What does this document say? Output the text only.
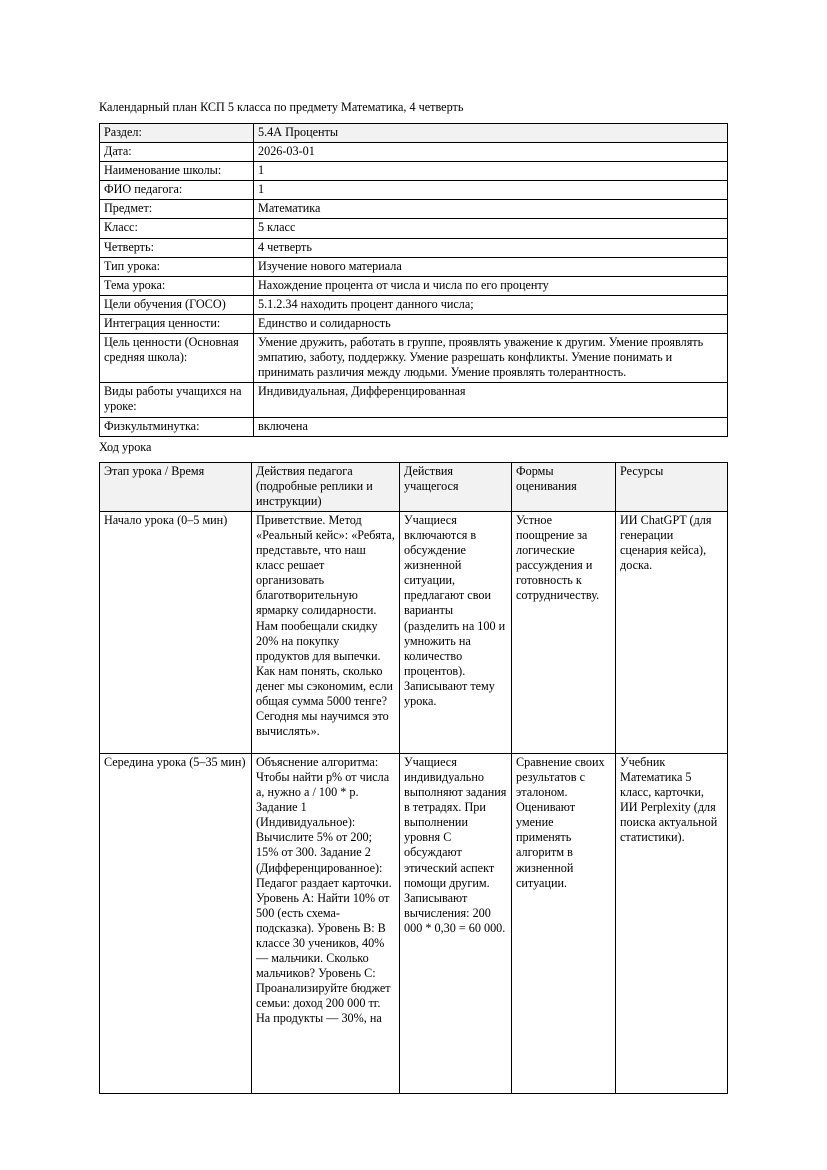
Календарный план КСП 5 класса по предмету Математика, 4 четверть

Раздел:	5.4А Проценты
Дата:	2026-03-01
Наименование школы:	1
ФИО педагога:	1
Предмет:	Математика
Класс:	5 класс
Четверть:	4 четверть
Тип урока:	Изучение нового материала
Тема урока:	Нахождение процента от числа и числа по его проценту
Цели обучения (ГОСО)	5.1.2.34 находить процент данного числа;
Интеграция ценности:	Единство и солидарность
Цель ценности (Основная средняя школа):	Умение дружить, работать в группе, проявлять уважение к другим. Умение проявлять эмпатию, заботу, поддержку. Умение разрешать конфликты. Умение понимать и принимать различия между людьми. Умение проявлять толерантность.
Виды работы учащихся на уроке:	Индивидуальная, Дифференцированная
Физкультминутка:	включена

Ход урока

Этап урока / Время	Действия педагога (подробные реплики и инструкции)	Действия учащегося	Формы оценивания	Ресурсы

Начало урока (0–5 мин)	Приветствие. Метод «Реальный кейс»: «Ребята, представьте, что наш класс решает организовать благотворительную ярмарку солидарности. Нам пообещали скидку 20% на покупку продуктов для выпечки. Как нам понять, сколько денег мы сэкономим, если общая сумма 5000 тенге? Сегодня мы научимся это вычислять».	Учащиеся включаются в обсуждение жизненной ситуации, предлагают свои варианты (разделить на 100 и умножить на количество процентов). Записывают тему урока.	Устное поощрение за логические рассуждения и готовность к сотрудничеству.	ИИ ChatGPT (для генерации сценария кейса), доска.

Середина урока (5–35 мин)	Объяснение алгоритма: Чтобы найти p% от числа a, нужно a / 100 * p. Задание 1 (Индивидуальное): Вычислите 5% от 200; 15% от 300. Задание 2 (Дифференцированное): Педагог раздает карточки. Уровень А: Найти 10% от 500 (есть схема-подсказка). Уровень В: В классе 30 учеников, 40% — мальчики. Сколько мальчиков? Уровень С: Проанализируйте бюджет семьи: доход 200 000 тг. На продукты — 30%, на	Учащиеся индивидуально выполняют задания в тетрадях. При выполнении уровня С обсуждают этический аспект помощи другим. Записывают вычисления: 200 000 * 0,30 = 60 000.	Сравнение своих результатов с эталоном. Оценивают умение применять алгоритм в жизненной ситуации.	Учебник Математика 5 класс, карточки, ИИ Perplexity (для поиска актуальной статистики).
